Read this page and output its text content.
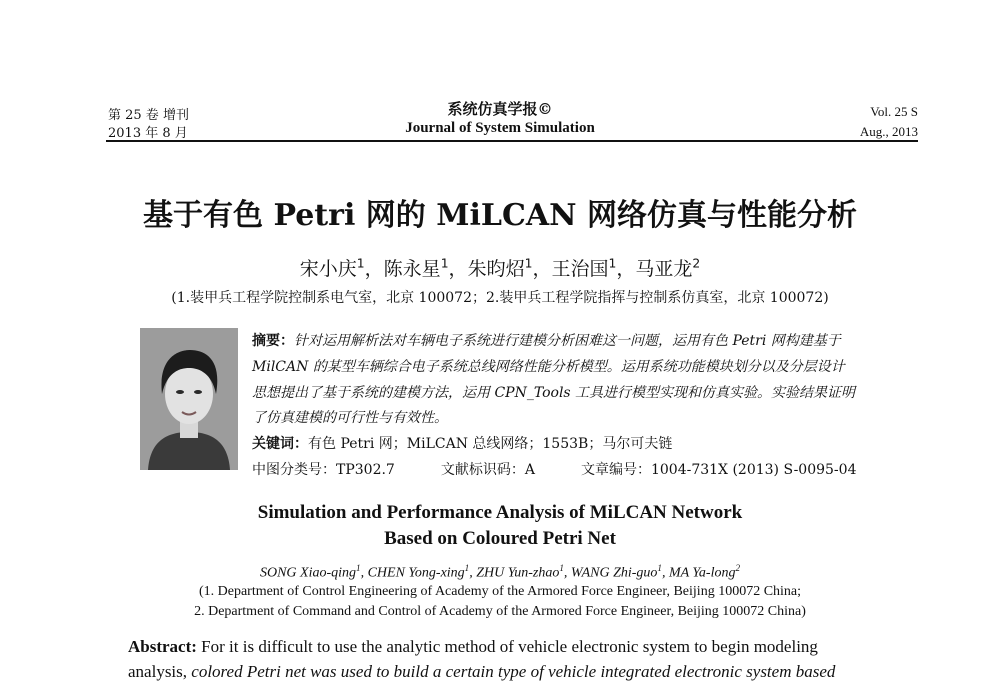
第 25 卷 增刊
2013 年 8 月
系统仿真学报©
Journal of System Simulation
Vol. 25 S
Aug., 2013
基于有色 Petri 网的 MiLCAN 网络仿真与性能分析
宋小庆$^1$，陈永星$^1$，朱昀炤$^1$，王治国$^1$，马亚龙$^2$
(1.装甲兵工程学院控制系电气室，北京 100072；2.装甲兵工程学院指挥与控制系仿真室，北京 100072)
摘要：针对运用解析法对车辆电子系统进行建模分析困难这一问题，运用有色 Petri 网构建基于
MilCAN 的某型车辆综合电子系统总线网络性能分析模型。运用系统功能模块划分以及分层设计
思想提出了基于系统的建模方法，运用 CPN_Tools 工具进行模型实现和仿真实验。实验结果证明
了仿真建模的可行性与有效性。
关键词：有色 Petri 网；MiLCAN 总线网络；1553B；马尔可夫链
中图分类号：TP302.7	文献标识码：A	文章编号：1004-731X (2013) S-0095-04
Simulation and Performance Analysis of MiLCAN Network
Based on Coloured Petri Net
SONG Xiao-qing$^1$, CHEN Yong-xing$^1$, ZHU Yun-zhao$^1$, WANG Zhi-guo$^1$, MA Ya-long$^2$
(1. Department of Control Engineering of Academy of the Armored Force Engineer, Beijing 100072 China;
2. Department of Command and Control of Academy of the Armored Force Engineer, Beijing 100072 China)
Abstract: For it is difficult to use the analytic method of vehicle electronic system to begin modeling
analysis, colored Petri net was used to build a certain type of vehicle integrated electronic system based
